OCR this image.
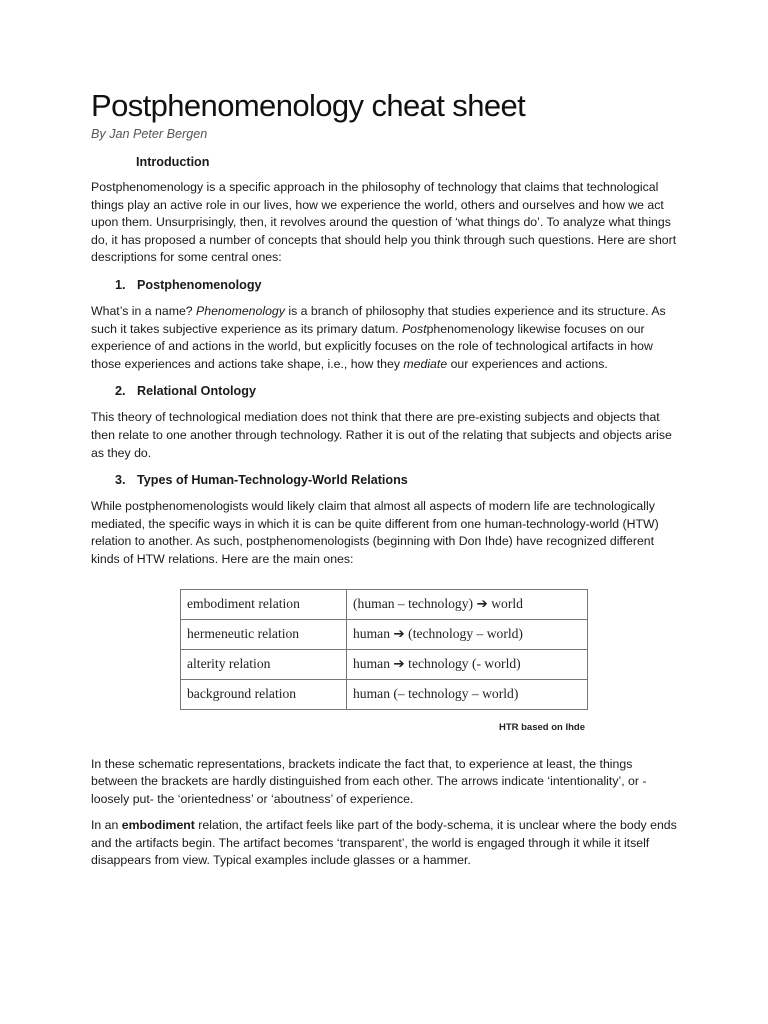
Postphenomenology cheat sheet
By Jan Peter Bergen
Introduction

Postphenomenology is a specific approach in the philosophy of technology that claims that technological things play an active role in our lives, how we experience the world, others and ourselves and how we act upon them. Unsurprisingly, then, it revolves around the question of ‘what things do’. To analyze what things do, it has proposed a number of concepts that should help you think through such questions. Here are short descriptions for some central ones:

1. Postphenomenology

What’s in a name? Phenomenology is a branch of philosophy that studies experience and its structure. As such it takes subjective experience as its primary datum. Postphenomenology likewise focuses on our experience of and actions in the world, but explicitly focuses on the role of technological artifacts in how those experiences and actions take shape, i.e., how they mediate our experiences and actions.

2. Relational Ontology

This theory of technological mediation does not think that there are pre-existing subjects and objects that then relate to one another through technology. Rather it is out of the relating that subjects and objects arise as they do.

3. Types of Human-Technology-World Relations

While postphenomenologists would likely claim that almost all aspects of modern life are technologically mediated, the specific ways in which it is can be quite different from one human-technology-world (HTW) relation to another. As such, postphenomenologists (beginning with Don Ihde) have recognized different kinds of HTW relations. Here are the main ones:

embodiment relation	(human – technology) ➔ world
hermeneutic relation	human ➔ (technology – world)
alterity relation	human ➔ technology (- world)
background relation	human (– technology – world)
HTR based on Ihde

In these schematic representations, brackets indicate the fact that, to experience at least, the things between the brackets are hardly distinguished from each other. The arrows indicate ‘intentionality’, or -loosely put- the ‘orientedness’ or ‘aboutness’ of experience.

In an embodiment relation, the artifact feels like part of the body-schema, it is unclear where the body ends and the artifacts begin. The artifact becomes ‘transparent’, the world is engaged through it while it itself disappears from view. Typical examples include glasses or a hammer.
